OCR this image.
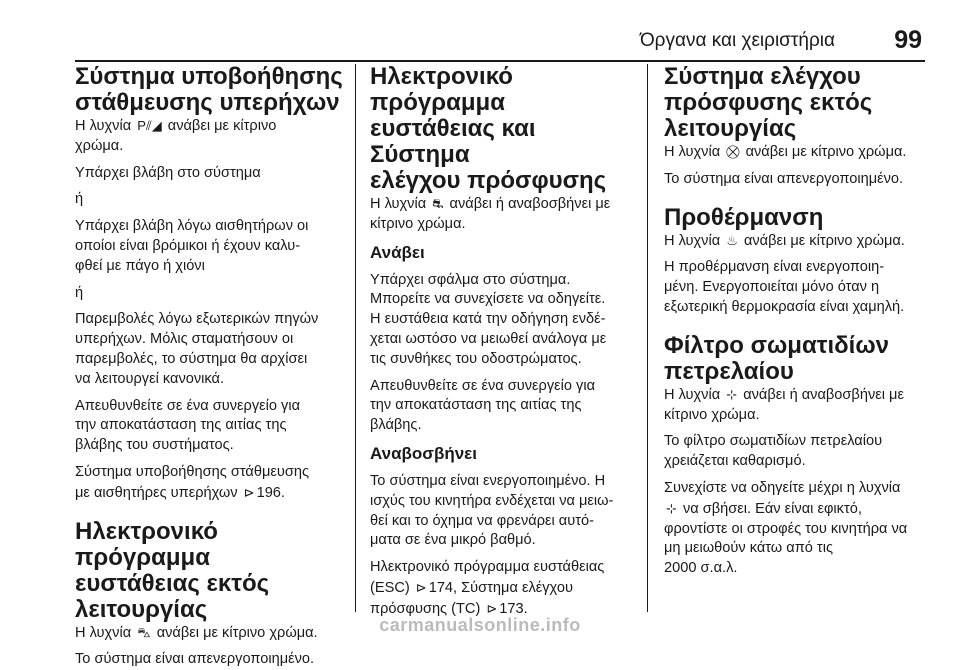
Όργανα και χειριστήρια 99
Σύστημα υποβοήθησης
στάθμευσης υπερήχων

Η λυχνία P⫽◢ ανάβει με κίτρινο
χρώμα.

Υπάρχει βλάβη στο σύστημα

ή

Υπάρχει βλάβη λόγω αισθητήρων οι
οποίοι είναι βρόμικοι ή έχουν καλυ-
φθεί με πάγο ή χιόνι

ή

Παρεμβολές λόγω εξωτερικών πηγών
υπερήχων. Μόλις σταματήσουν οι
παρεμβολές, το σύστημα θα αρχίσει
να λειτουργεί κανονικά.

Απευθυνθείτε σε ένα συνεργείο για
την αποκατάσταση της αιτίας της
βλάβης του συστήματος.

Σύστημα υποβοήθησης στάθμευσης
με αισθητήρες υπερήχων ⊳ 196.

Ηλεκτρονικό πρόγραμμα
ευστάθειας εκτός
λειτουργίας

Η λυχνία ⛍ ανάβει με κίτρινο χρώμα.

Το σύστημα είναι απενεργοποιημένο.

Ηλεκτρονικό πρόγραμμα
ευστάθειας και Σύστημα
ελέγχου πρόσφυσης

Η λυχνία ⛐ ανάβει ή αναβοσβήνει με
κίτρινο χρώμα.

Ανάβει

Υπάρχει σφάλμα στο σύστημα.
Μπορείτε να συνεχίσετε να οδηγείτε.
Η ευστάθεια κατά την οδήγηση ενδέ-
χεται ωστόσο να μειωθεί ανάλογα με
τις συνθήκες του οδοστρώματος.

Απευθυνθείτε σε ένα συνεργείο για
την αποκατάσταση της αιτίας της
βλάβης.

Αναβοσβήνει

Το σύστημα είναι ενεργοποιημένο. Η
ισχύς του κινητήρα ενδέχεται να μειω-
θεί και το όχημα να φρενάρει αυτό-
ματα σε ένα μικρό βαθμό.

Ηλεκτρονικό πρόγραμμα ευστάθειας
(ESC) ⊳ 174, Σύστημα ελέγχου
πρόσφυσης (TC) ⊳ 173.

Σύστημα ελέγχου
πρόσφυσης εκτός
λειτουργίας

Η λυχνία ⛒ ανάβει με κίτρινο χρώμα.

Το σύστημα είναι απενεργοποιημένο.

Προθέρμανση

Η λυχνία ♨ ανάβει με κίτρινο χρώμα.

Η προθέρμανση είναι ενεργοποιη-
μένη. Ενεργοποιείται μόνο όταν η
εξωτερική θερμοκρασία είναι χαμηλή.

Φίλτρο σωματιδίων
πετρελαίου

Η λυχνία ⊹ ανάβει ή αναβοσβήνει με
κίτρινο χρώμα.

Το φίλτρο σωματιδίων πετρελαίου
χρειάζεται καθαρισμό.

Συνεχίστε να οδηγείτε μέχρι η λυχνία
⊹ να σβήσει. Εάν είναι εφικτό,
φροντίστε οι στροφές του κινητήρα να
μη μειωθούν κάτω από τις
2000 σ.α.λ.

carmanualsonline.info
